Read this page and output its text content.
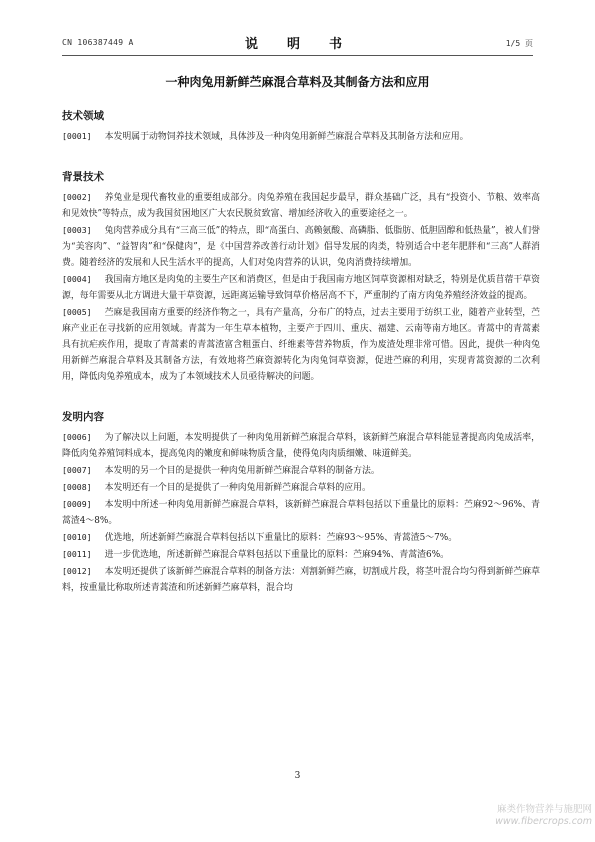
CN 106387449 A	说　明　书	1/5 页
一种肉兔用新鲜苎麻混合草料及其制备方法和应用
技术领域

[0001] 本发明属于动物饲养技术领域，具体涉及一种肉兔用新鲜苎麻混合草料及其制备方法和应用。

背景技术

[0002] 养兔业是现代畜牧业的重要组成部分。肉兔养殖在我国起步最早，群众基础广泛，具有“投资小、节粮、效率高和见效快”等特点，成为我国贫困地区广大农民脱贫致富、增加经济收入的重要途径之一。

[0003] 兔肉营养成分具有“三高三低”的特点，即“高蛋白、高赖氨酸、高磷脂、低脂肪、低胆固醇和低热量”，被人们誉为“美容肉”、“益智肉”和“保健肉”，是《中国营养改善行动计划》倡导发展的肉类，特别适合中老年肥胖和“三高”人群消费。随着经济的发展和人民生活水平的提高，人们对兔肉营养的认识，兔肉消费持续增加。

[0004] 我国南方地区是肉兔的主要生产区和消费区，但是由于我国南方地区饲草资源相对缺乏，特别是优质苜蓿干草资源，每年需要从北方调进大量干草资源，远距离运输导致饲草价格居高不下，严重制约了南方肉兔养殖经济效益的提高。

[0005] 苎麻是我国南方重要的经济作物之一，具有产量高，分布广的特点，过去主要用于纺织工业，随着产业转型，苎麻产业正在寻找新的应用领域。青蒿为一年生草本植物，主要产于四川、重庆、福建、云南等南方地区。青蒿中的青蒿素具有抗疟疾作用，提取了青蒿素的青蒿渣富含粗蛋白、纤维素等营养物质，作为废渣处理非常可惜。因此，提供一种肉兔用新鲜苎麻混合草料及其制备方法，有效地将苎麻资源转化为肉兔饲草资源，促进苎麻的利用，实现青蒿资源的二次利用，降低肉兔养殖成本，成为了本领域技术人员亟待解决的问题。

发明内容

[0006] 为了解决以上问题，本发明提供了一种肉兔用新鲜苎麻混合草料，该新鲜苎麻混合草料能显著提高肉兔成活率，降低肉兔养殖饲料成本，提高兔肉的嫩度和鲜味物质含量，使得兔肉肉质细嫩、味道鲜美。

[0007] 本发明的另一个目的是提供一种肉兔用新鲜苎麻混合草料的制备方法。

[0008] 本发明还有一个目的是提供了一种肉兔用新鲜苎麻混合草料的应用。

[0009] 本发明中所述一种肉兔用新鲜苎麻混合草料，该新鲜苎麻混合草料包括以下重量比的原料：苎麻92～96%、青蒿渣4～8%。

[0010] 优选地，所述新鲜苎麻混合草料包括以下重量比的原料：苎麻93～95%、青蒿渣5～7%。

[0011] 进一步优选地，所述新鲜苎麻混合草料包括以下重量比的原料：苎麻94%、青蒿渣6%。

[0012] 本发明还提供了该新鲜苎麻混合草料的制备方法：刈割新鲜苎麻，切割成片段，将茎叶混合均匀得到新鲜苎麻草料，按重量比称取所述青蒿渣和所述新鲜苎麻草料，混合均

3
麻类作物营养与施肥网
www.fibercrops.com
